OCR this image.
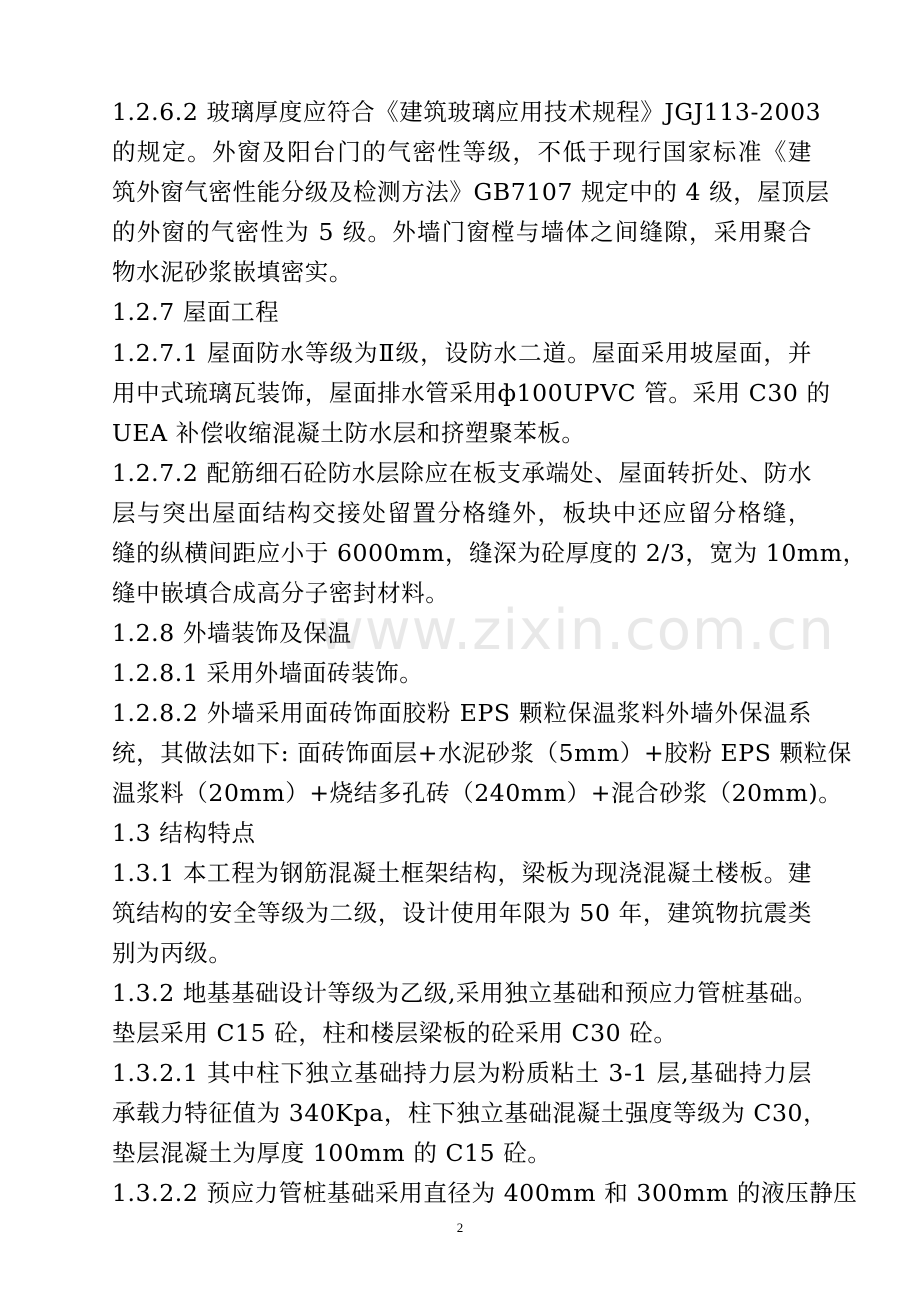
1.2.6.2 玻璃厚度应符合《建筑玻璃应用技术规程》JGJ113-2003
的规定。外窗及阳台门的气密性等级，不低于现行国家标准《建
筑外窗气密性能分级及检测方法》GB7107 规定中的 4 级，屋顶层
的外窗的气密性为 5 级。外墙门窗樘与墙体之间缝隙，采用聚合
物水泥砂浆嵌填密实。
1.2.7 屋面工程
1.2.7.1 屋面防水等级为Ⅱ级，设防水二道。屋面采用坡屋面，并
用中式琉璃瓦装饰，屋面排水管采用ф100UPVC 管。采用 C30 的
UEA 补偿收缩混凝土防水层和挤塑聚苯板。
1.2.7.2 配筋细石砼防水层除应在板支承端处、屋面转折处、防水
层与突出屋面结构交接处留置分格缝外，板块中还应留分格缝，
缝的纵横间距应小于 6000mm，缝深为砼厚度的 2/3，宽为 10mm，
缝中嵌填合成高分子密封材料。
1.2.8 外墙装饰及保温
1.2.8.1 采用外墙面砖装饰。
1.2.8.2 外墙采用面砖饰面胶粉 EPS 颗粒保温浆料外墙外保温系
统，其做法如下: 面砖饰面层+水泥砂浆（5mm）+胶粉 EPS 颗粒保
温浆料（20mm）+烧结多孔砖（240mm）+混合砂浆（20mm)。
1.3 结构特点
1.3.1 本工程为钢筋混凝土框架结构，梁板为现浇混凝土楼板。建
筑结构的安全等级为二级，设计使用年限为 50 年，建筑物抗震类
别为丙级。
1.3.2 地基基础设计等级为乙级,采用独立基础和预应力管桩基础。
垫层采用 C15 砼，柱和楼层梁板的砼采用 C30 砼。
1.3.2.1 其中柱下独立基础持力层为粉质粘土 3-1 层,基础持力层
承载力特征值为 340Kpa，柱下独立基础混凝土强度等级为 C30，
垫层混凝土为厚度 100mm 的 C15 砼。
1.3.2.2 预应力管桩基础采用直径为 400mm 和 300mm 的液压静压
www.zixin.com.cn
2
